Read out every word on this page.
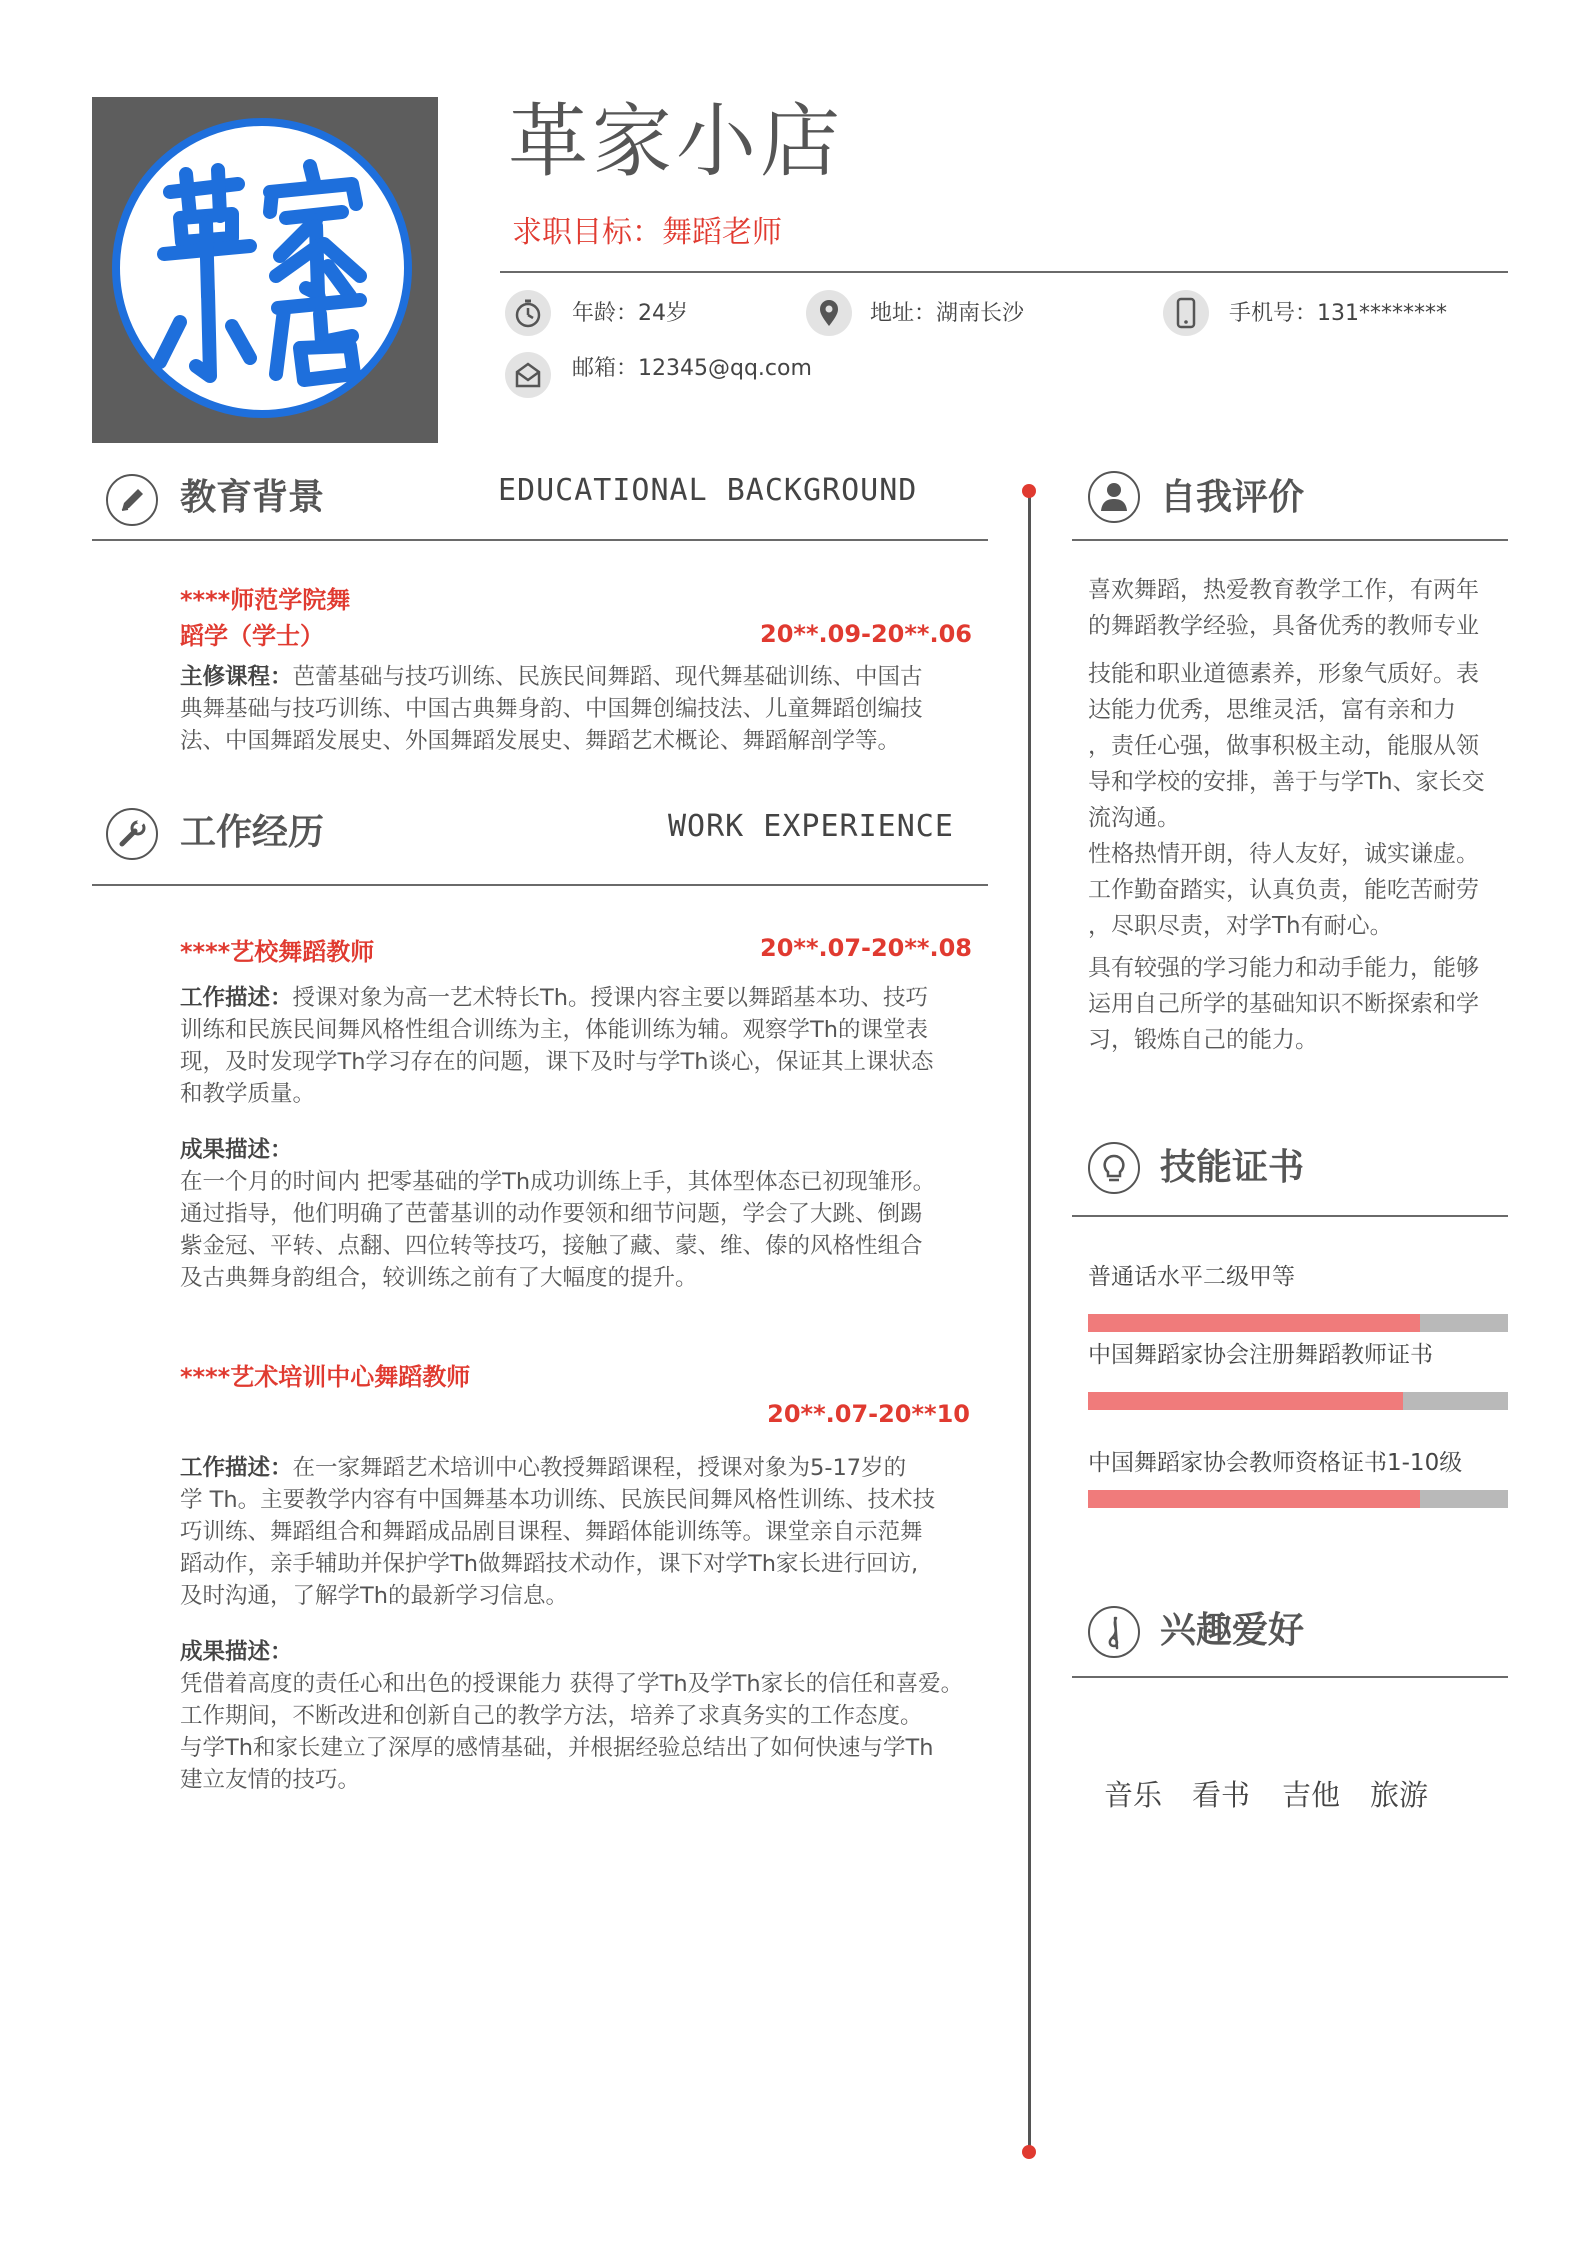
革家小店
求职目标：舞蹈老师
年龄：24岁	地址：湖南长沙	手机号：131********
邮箱：12345@qq.com
教育背景	EDUCATIONAL BACKGROUND
****师范学院舞
蹈学（学士）	20**.09-20**.06
主修课程：芭蕾基础与技巧训练、民族民间舞蹈、现代舞基础训练、中国古
典舞基础与技巧训练、中国古典舞身韵、中国舞创编技法、儿童舞蹈创编技
法、中国舞蹈发展史、外国舞蹈发展史、舞蹈艺术概论、舞蹈解剖学等。
工作经历	WORK EXPERIENCE
****艺校舞蹈教师	20**.07-20**.08
工作描述：授课对象为高一艺术特长Th。授课内容主要以舞蹈基本功、技巧
训练和民族民间舞风格性组合训练为主，体能训练为辅。观察学Th的课堂表
现，及时发现学Th学习存在的问题，课下及时与学Th谈心，保证其上课状态
和教学质量。
成果描述：
在一个月的时间内 把零基础的学Th成功训练上手，其体型体态已初现雏形。
通过指导，他们明确了芭蕾基训的动作要领和细节问题，学会了大跳、倒踢
紫金冠、平转、点翻、四位转等技巧，接触了藏、蒙、维、傣的风格性组合
及古典舞身韵组合，较训练之前有了大幅度的提升。
****艺术培训中心舞蹈教师
20**.07-20**10
工作描述：在一家舞蹈艺术培训中心教授舞蹈课程，授课对象为5-17岁的
学 Th。主要教学内容有中国舞基本功训练、民族民间舞风格性训练、技术技
巧训练、舞蹈组合和舞蹈成品剧目课程、舞蹈体能训练等。课堂亲自示范舞
蹈动作，亲手辅助并保护学Th做舞蹈技术动作，课下对学Th家长进行回访,
及时沟通，了解学Th的最新学习信息。
成果描述：
凭借着高度的责任心和出色的授课能力 获得了学Th及学Th家长的信任和喜爱。
工作期间，不断改进和创新自己的教学方法，培养了求真务实的工作态度。
与学Th和家长建立了深厚的感情基础，并根据经验总结出了如何快速与学Th
建立友情的技巧。
自我评价
喜欢舞蹈，热爱教育教学工作，有两年
的舞蹈教学经验，具备优秀的教师专业
技能和职业道德素养，形象气质好。表
达能力优秀，思维灵活，富有亲和力
，责任心强，做事积极主动，能服从领
导和学校的安排，善于与学Th、家长交
流沟通。
性格热情开朗，待人友好，诚实谦虚。
工作勤奋踏实，认真负责，能吃苦耐劳
，尽职尽责，对学Th有耐心。
具有较强的学习能力和动手能力，能够
运用自己所学的基础知识不断探索和学
习，锻炼自己的能力。
技能证书
普通话水平二级甲等
中国舞蹈家协会注册舞蹈教师证书
中国舞蹈家协会教师资格证书1-10级
兴趣爱好
音乐 看书 吉他 旅游
